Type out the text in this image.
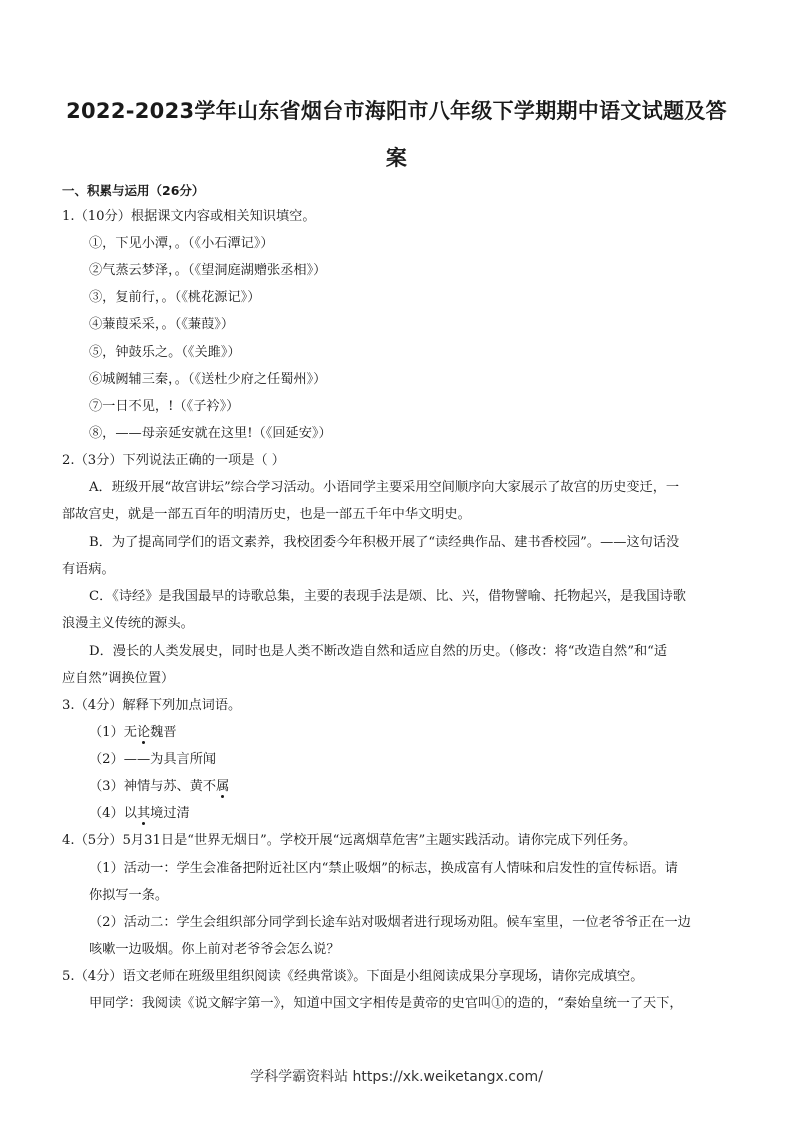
2022-2023学年山东省烟台市海阳市八年级下学期期中语文试题及答
案
一、积累与运用（26分）
1.（10分）根据课文内容或相关知识填空。
①，下见小潭，。（《小石潭记》）
②气蒸云梦泽，。（《望洞庭湖赠张丞相》）
③，复前行，。（《桃花源记》）
④蒹葭采采，。（《蒹葭》）
⑤，钟鼓乐之。（《关雎》）
⑥城阙辅三秦，。（《送杜少府之任蜀州》）
⑦一日不见，!（《子衿》）
⑧，——母亲延安就在这里!（《回延安》）
2.（3分）下列说法正确的一项是（ ）
A．班级开展“故宫讲坛”综合学习活动。小语同学主要采用空间顺序向大家展示了故宫的历史变迁，一
部故宫史，就是一部五百年的明清历史，也是一部五千年中华文明史。
B．为了提高同学们的语文素养，我校团委今年积极开展了“读经典作品、建书香校园”。——这句话没
有语病。
C．《诗经》是我国最早的诗歌总集，主要的表现手法是颂、比、兴，借物譬喻、托物起兴，是我国诗歌
浪漫主义传统的源头。
D．漫长的人类发展史，同时也是人类不断改造自然和适应自然的历史。（修改：将“改造自然”和“适
应自然”调换位置）
3.（4分）解释下列加点词语。
（1）无论魏晋
（2）——为具言所闻
（3）神情与苏、黄不属
（4）以其境过清
4.（5分）5月31日是“世界无烟日”。学校开展“远离烟草危害”主题实践活动。请你完成下列任务。
（1）活动一：学生会准备把附近社区内“禁止吸烟”的标志，换成富有人情味和启发性的宣传标语。请
你拟写一条。
（2）活动二：学生会组织部分同学到长途车站对吸烟者进行现场劝阻。候车室里，一位老爷爷正在一边
咳嗽一边吸烟。你上前对老爷爷会怎么说？
5.（4分）语文老师在班级里组织阅读《经典常谈》。下面是小组阅读成果分享现场，请你完成填空。
甲同学：我阅读《说文解字第一》，知道中国文字相传是黄帝的史官叫①的造的，“秦始皇统一了天下，
学科学霸资料站 https://xk.weiketangx.com/
